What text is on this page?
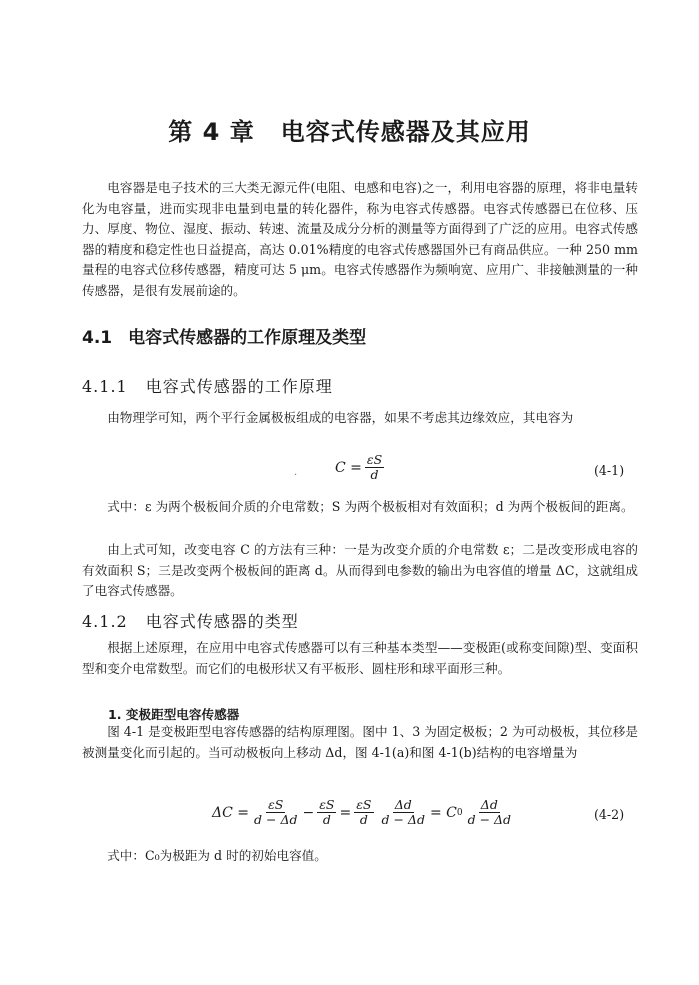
第 4 章 电容式传感器及其应用
电容器是电子技术的三大类无源元件(电阻、电感和电容)之一，利用电容器的原理，将非电量转化为电容量，进而实现非电量到电量的转化器件，称为电容式传感器。电容式传感器已在位移、压力、厚度、物位、湿度、振动、转速、流量及成分分析的测量等方面得到了广泛的应用。电容式传感器的精度和稳定性也日益提高，高达 0.01%精度的电容式传感器国外已有商品供应。一种 250 mm 量程的电容式位移传感器，精度可达 5 μm。电容式传感器作为频响宽、应用广、非接触测量的一种传感器，是很有发展前途的。
4.1 电容式传感器的工作原理及类型
4.1.1 电容式传感器的工作原理
由物理学可知，两个平行金属极板组成的电容器，如果不考虑其边缘效应，其电容为
$C = \frac{\varepsilon S}{d}$	(4-1)
·
式中：ε 为两个极板间介质的介电常数；S 为两个极板相对有效面积；d 为两个极板间的距离。
由上式可知，改变电容 C 的方法有三种：一是为改变介质的介电常数 ε；二是改变形成电容的有效面积 S；三是改变两个极板间的距离 d。从而得到电参数的输出为电容值的增量 ΔC，这就组成了电容式传感器。
4.1.2 电容式传感器的类型
根据上述原理，在应用中电容式传感器可以有三种基本类型——变极距(或称变间隙)型、变面积型和变介电常数型。而它们的电极形状又有平板形、圆柱形和球平面形三种。
1. 变极距型电容传感器
图 4-1 是变极距型电容传感器的结构原理图。图中 1、3 为固定极板；2 为可动极板，其位移是被测量变化而引起的。当可动极板向上移动 Δd，图 4-1(a)和图 4-1(b)结构的电容增量为
$\Delta C = \frac{\varepsilon S}{d - \Delta d} - \frac{\varepsilon S}{d} = \frac{\varepsilon S}{d} \frac{\Delta d}{d - \Delta d} = C$ $0 \frac{\Delta d}{d - \Delta d}$	(4-2)
式中：C₀为极距为 d 时的初始电容值。
